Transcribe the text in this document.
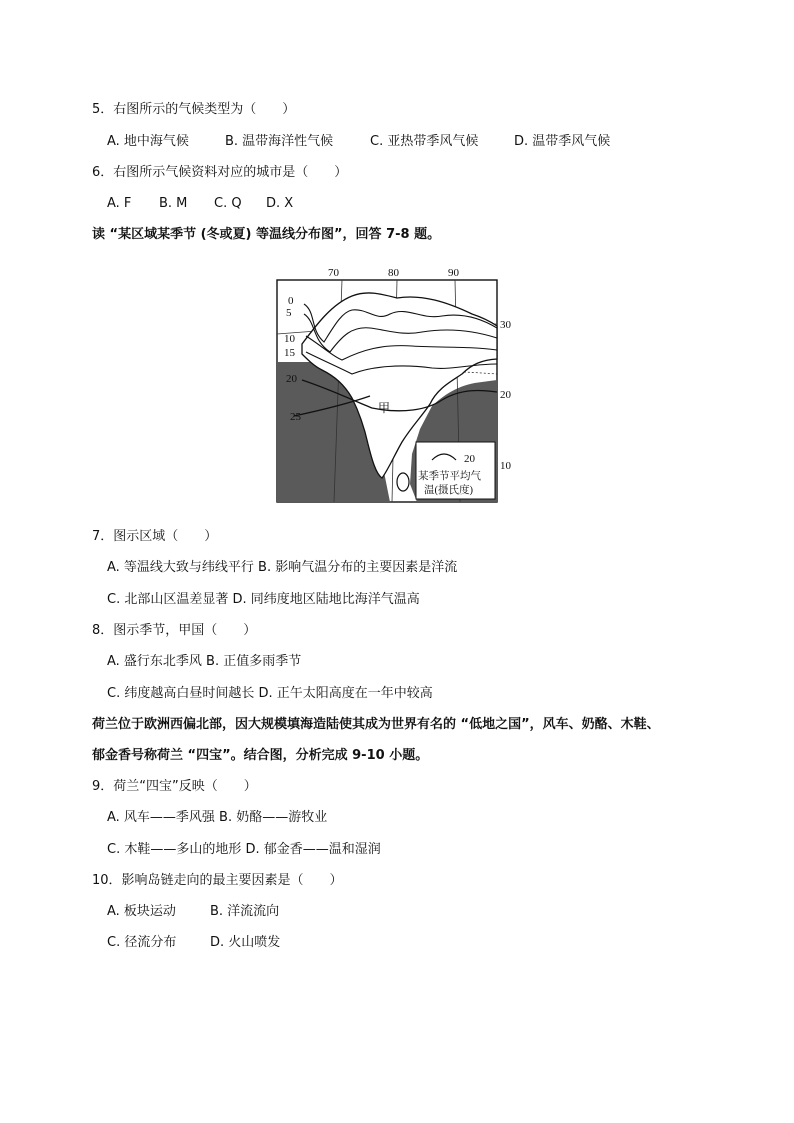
5．右图所示的气候类型为（　　）
A. 地中海气候	B. 温带海洋性气候	C. 亚热带季风气候	D. 温带季风气候
6．右图所示气候资料对应的城市是（　　）
A. F B. M C. Q D. X
读 “某区域某季节 (冬或夏) 等温线分布图”，回答 7-8 题。
70	80	90
30
20
10
0
5
10
15
20
25
甲
20
某季节平均气
温(摄氏度)
7．图示区域（　　）
A. 等温线大致与纬线平行 B. 影响气温分布的主要因素是洋流
C. 北部山区温差显著 D. 同纬度地区陆地比海洋气温高
8．图示季节，甲国（　　）
A. 盛行东北季风 B. 正值多雨季节
C. 纬度越高白昼时间越长 D. 正午太阳高度在一年中较高
荷兰位于欧洲西偏北部，因大规模填海造陆使其成为世界有名的 “低地之国”，风车、奶酪、木鞋、
郁金香号称荷兰 “四宝”。结合图，分析完成 9-10 小题。
9．荷兰“四宝”反映（　　）
A. 风车——季风强 B. 奶酪——游牧业
C. 木鞋——多山的地形 D. 郁金香——温和湿润
10．影响岛链走向的最主要因素是（　　）
A. 板块运动	B. 洋流流向
C. 径流分布	D. 火山喷发
